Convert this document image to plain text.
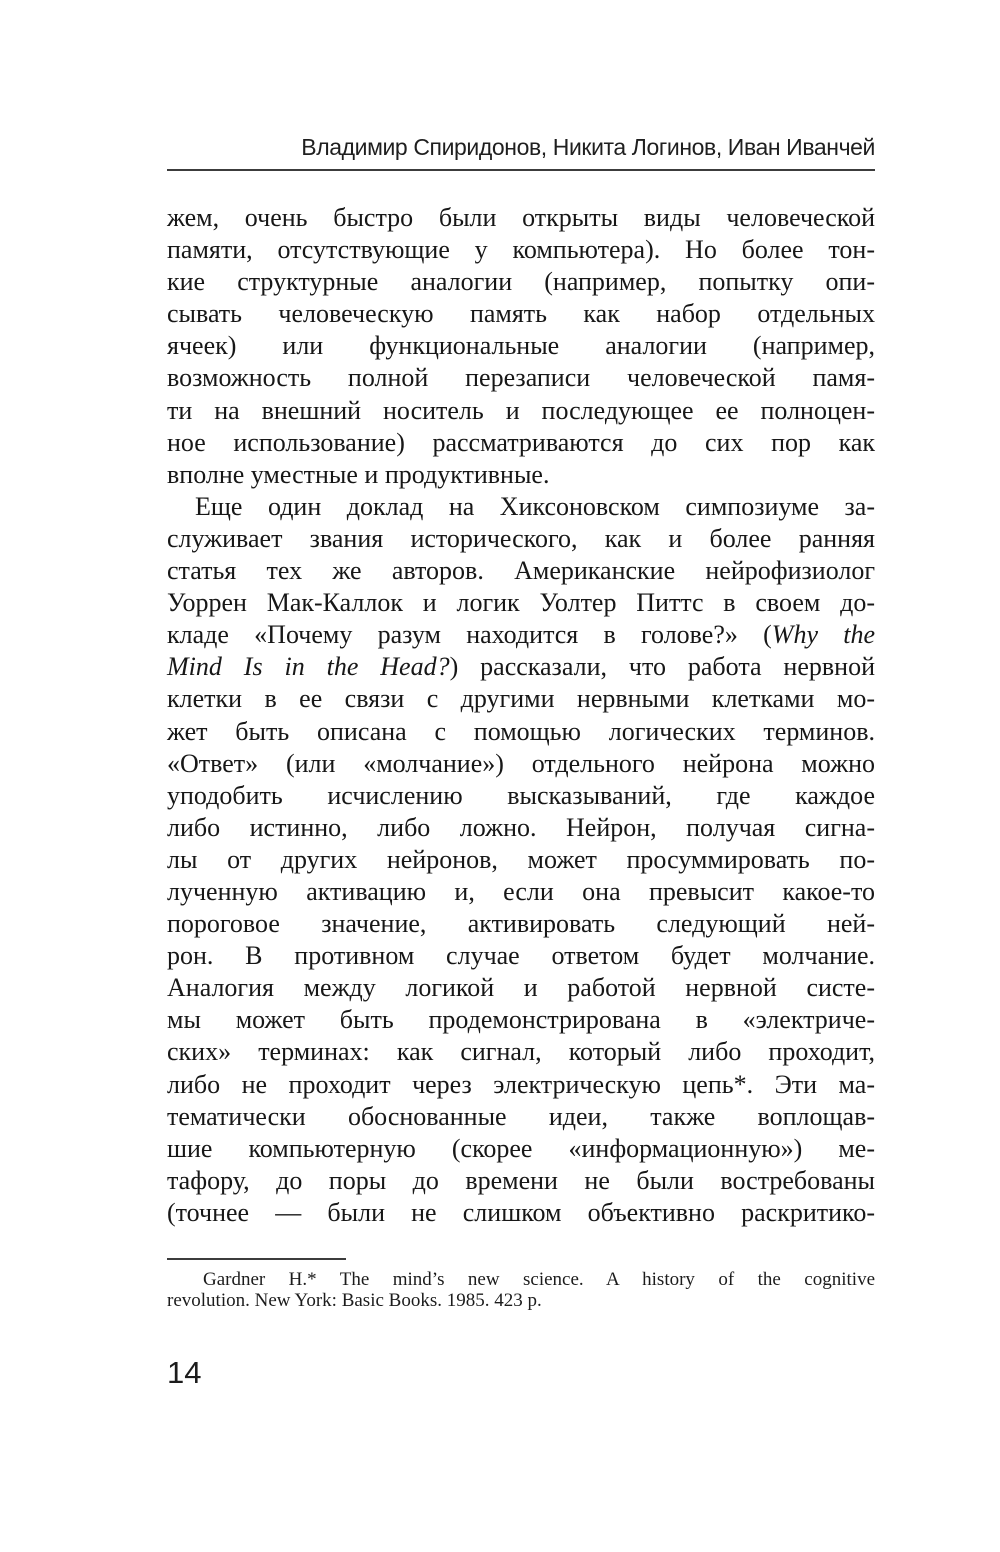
Владимир Спиридонов, Никита Логинов, Иван Иванчей
жем, очень быстро были открыты виды человеческой
памяти, отсутствующие у компьютера). Но более тон-
кие структурные аналогии (например, попытку опи-
сывать человеческую память как набор отдельных
ячеек) или функциональные аналогии (например,
возможность полной перезаписи человеческой памя-
ти на внешний носитель и последующее ее полноцен-
ное использование) рассматриваются до сих пор как
вполне уместные и продуктивные.
Еще один доклад на Хиксоновском симпозиуме за-
служивает звания исторического, как и более ранняя
статья тех же авторов. Американские нейрофизиолог
Уоррен Мак-Каллок и логик Уолтер Питтс в своем до-
кладе «Почему разум находится в голове?» (Why the
Mind Is in the Head?) рассказали, что работа нервной
клетки в ее связи с другими нервными клетками мо-
жет быть описана с помощью логических терминов.
«Ответ» (или «молчание») отдельного нейрона можно
уподобить исчислению высказываний, где каждое
либо истинно, либо ложно. Нейрон, получая сигна-
лы от других нейронов, может просуммировать по-
лученную активацию и, если она превысит какое-то
пороговое значение, активировать следующий ней-
рон. В противном случае ответом будет молчание.
Аналогия между логикой и работой нервной систе-
мы может быть продемонстрирована в «электриче-
ских» терминах: как сигнал, который либо проходит,
либо не проходит через электрическую цепь*. Эти ма-
тематически обоснованные идеи, также воплощав-
шие компьютерную (скорее «информационную») ме-
тафору, до поры до времени не были востребованы
(точнее — были не слишком объективно раскритико-
Gardner H.* The mind’s new science. A history of the cognitive
revolution. New York: Basic Books. 1985. 423 p.
14
